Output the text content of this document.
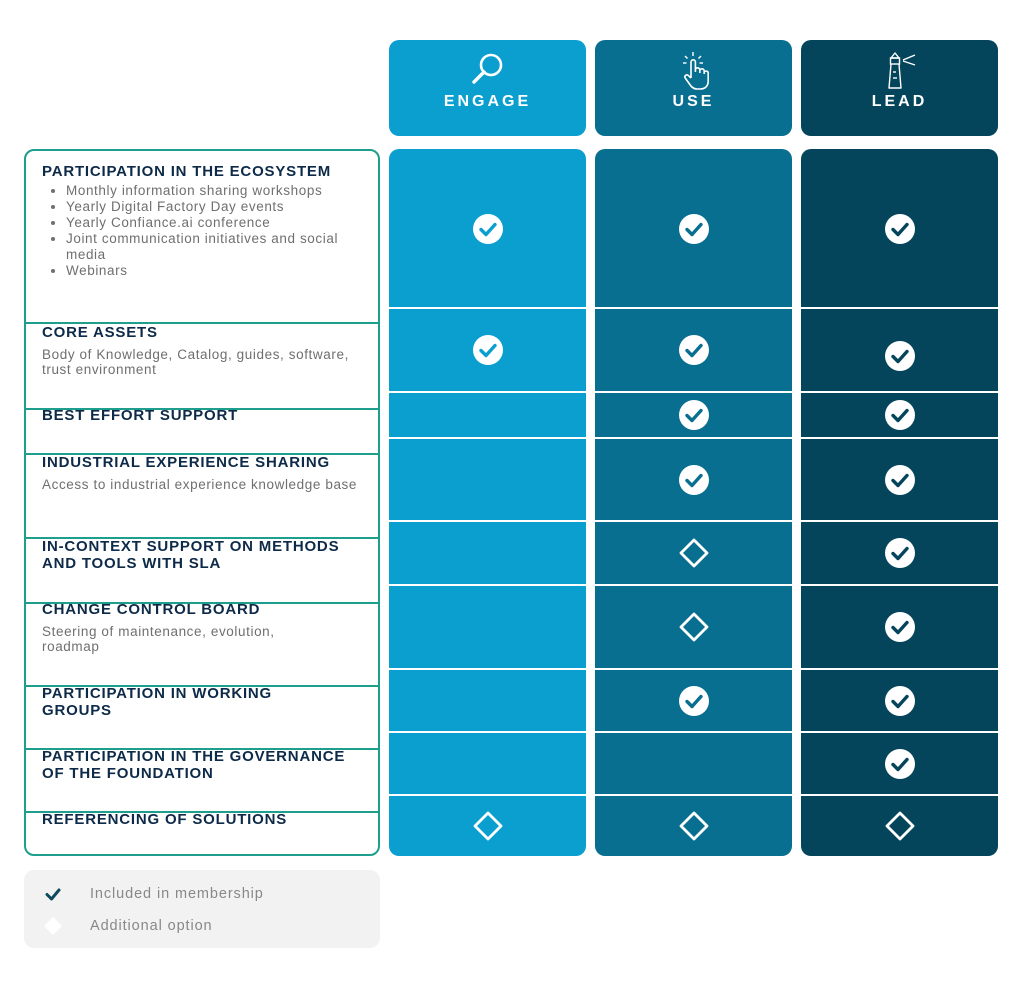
ENGAGE	USE	LEAD
PARTICIPATION IN THE ECOSYSTEM
• Monthly information sharing workshops
• Yearly Digital Factory Day events
• Yearly Confiance.ai conference
• Joint communication initiatives and social media
• Webinars
CORE ASSETS
Body of Knowledge, Catalog, guides, software, trust environment
BEST EFFORT SUPPORT
INDUSTRIAL EXPERIENCE SHARING
Access to industrial experience knowledge base
IN-CONTEXT SUPPORT ON METHODS AND TOOLS WITH SLA
CHANGE CONTROL BOARD
Steering of maintenance, evolution, roadmap
PARTICIPATION IN WORKING GROUPS
PARTICIPATION IN THE GOVERNANCE OF THE FOUNDATION
REFERENCING OF SOLUTIONS
Included in membership
Additional option
